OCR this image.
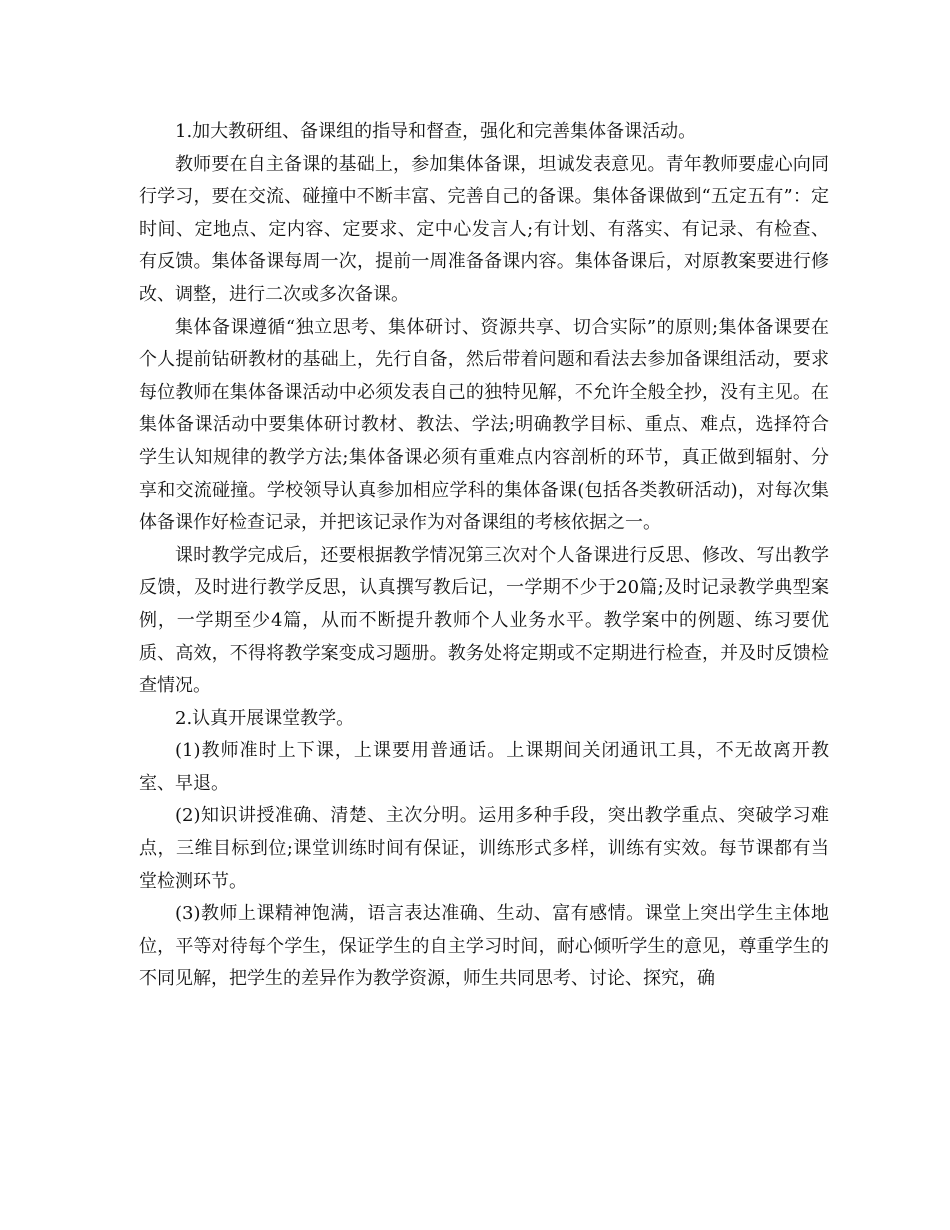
1.加大教研组、备课组的指导和督查，强化和完善集体备课活动。

教师要在自主备课的基础上，参加集体备课，坦诚发表意见。青年教师要虚心向同行学习，要在交流、碰撞中不断丰富、完善自己的备课。集体备课做到“五定五有”：定时间、定地点、定内容、定要求、定中心发言人;有计划、有落实、有记录、有检查、有反馈。集体备课每周一次，提前一周准备备课内容。集体备课后，对原教案要进行修改、调整，进行二次或多次备课。

集体备课遵循“独立思考、集体研讨、资源共享、切合实际”的原则;集体备课要在个人提前钻研教材的基础上，先行自备，然后带着问题和看法去参加备课组活动，要求每位教师在集体备课活动中必须发表自己的独特见解，不允许全般全抄，没有主见。在集体备课活动中要集体研讨教材、教法、学法;明确教学目标、重点、难点，选择符合学生认知规律的教学方法;集体备课必须有重难点内容剖析的环节，真正做到辐射、分享和交流碰撞。学校领导认真参加相应学科的集体备课(包括各类教研活动)，对每次集体备课作好检查记录，并把该记录作为对备课组的考核依据之一。

课时教学完成后，还要根据教学情况第三次对个人备课进行反思、修改、写出教学反馈，及时进行教学反思，认真撰写教后记，一学期不少于20篇;及时记录教学典型案例，一学期至少4篇，从而不断提升教师个人业务水平。教学案中的例题、练习要优质、高效，不得将教学案变成习题册。教务处将定期或不定期进行检查，并及时反馈检查情况。

2.认真开展课堂教学。

(1)教师准时上下课，上课要用普通话。上课期间关闭通讯工具，不无故离开教室、早退。

(2)知识讲授准确、清楚、主次分明。运用多种手段，突出教学重点、突破学习难点，三维目标到位;课堂训练时间有保证，训练形式多样，训练有实效。每节课都有当堂检测环节。

(3)教师上课精神饱满，语言表达准确、生动、富有感情。课堂上突出学生主体地位，平等对待每个学生，保证学生的自主学习时间，耐心倾听学生的意见，尊重学生的不同见解，把学生的差异作为教学资源，师生共同思考、讨论、探究，确
